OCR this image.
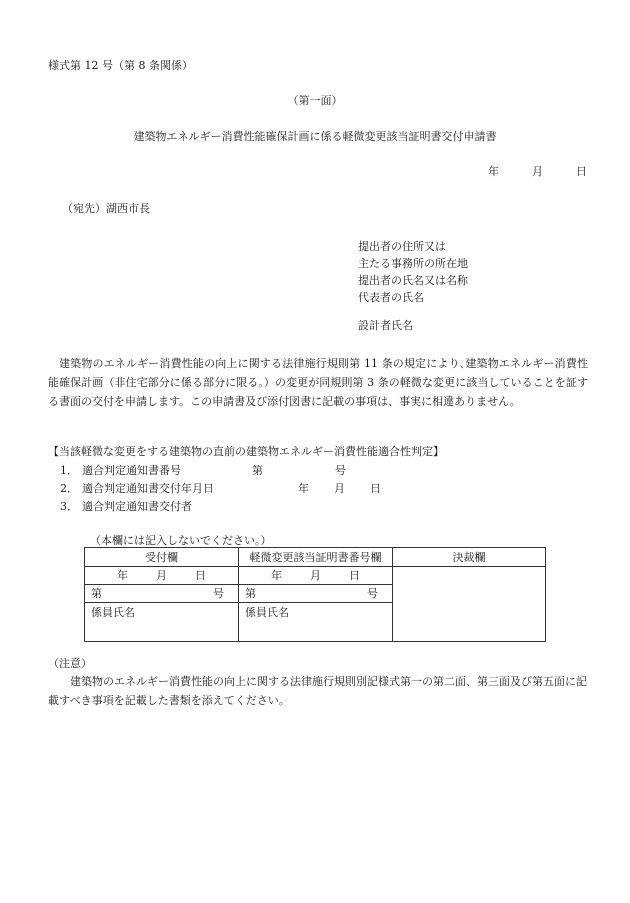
様式第 12 号（第 8 条関係）
（第一面）
建築物エネルギー消費性能確保計画に係る軽微変更該当証明書交付申請書
年	月	日
（宛先）湖西市長
提出者の住所又は
主たる事務所の所在地
提出者の氏名又は名称
代表者の氏名
設計者氏名

建築物のエネルギー消費性能の向上に関する法律施行規則第 11 条の規定により､建築物エネルギー消費性能確保計画（非住宅部分に係る部分に限る｡）の変更が同規則第 3 条の軽微な変更に該当していることを証する書面の交付を申請します。この申請書及び添付図書に記載の事項は、事実に相違ありません。

【当該軽微な変更をする建築物の直前の建築物エネルギー消費性能適合性判定】
1． 適合判定通知書番号	第	号
2． 適合判定通知書交付年月日	年 月 日
3． 適合判定通知書交付者
（本欄には記入しないでください。）
受付欄	軽微変更該当証明書番号欄	決裁欄
年 月 日	年 月 日	

第 号	第 号	

係員氏名	係員氏名	
（注意）

建築物のエネルギー消費性能の向上に関する法律施行規則別記様式第一の第二面、第三面及び第五面に記載すべき事項を記載した書類を添えてください。
